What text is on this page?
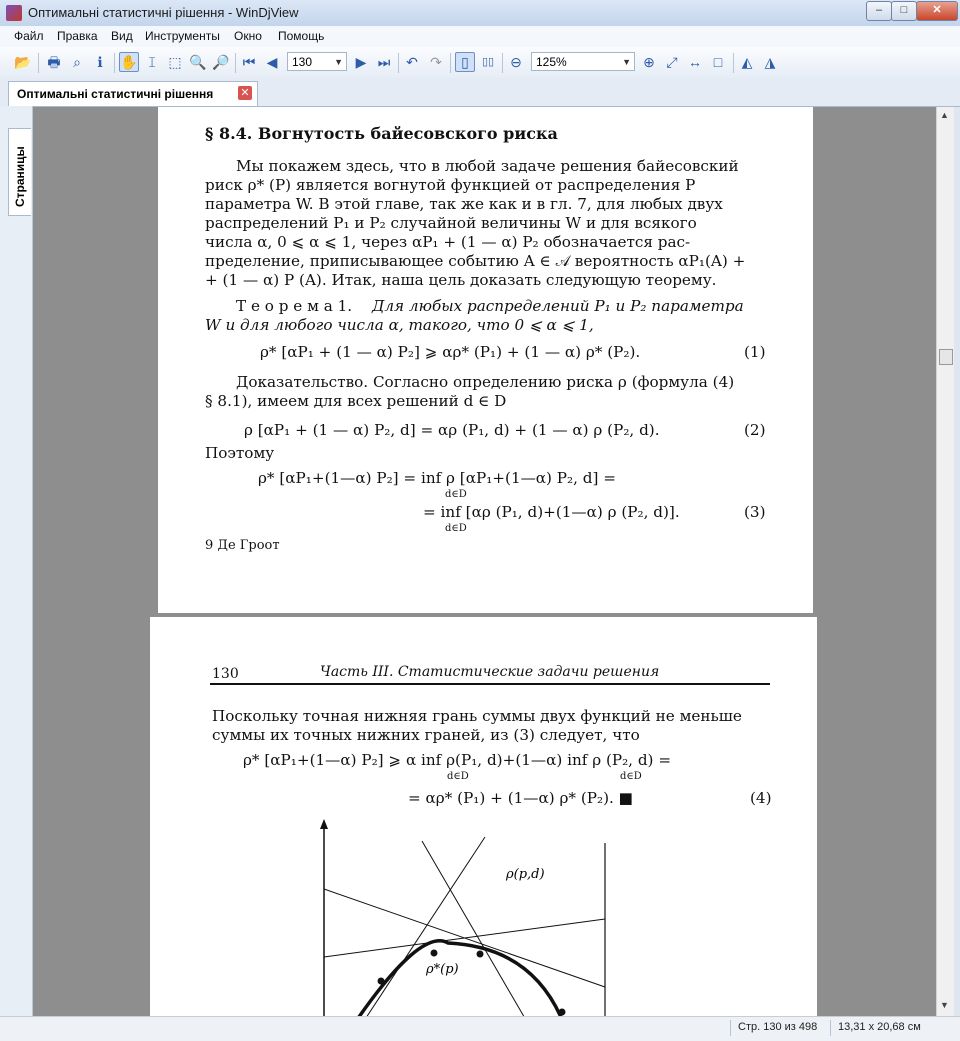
Оптимальні статистичні рішення - WinDjView	–	□	✕
Файл Правка Вид Инструменты Окно Помощь
📂 🖶 ⌕	ℹ	✋ 𝙸 ⬚ 🔍 🔎 ⏮ ◀	130 ▼ ▶ ⏭ ↶ ↷	▯	▯▯ ⊖	125%	▼ ⊕ ⤢ ↔ □	◭ ◮
Оптимальні статистичні рішення ✕
Страницы
§ 8.4. Вогнутость байесовского риска
Мы покажем здесь, что в любой задаче решения байесовский
риск ρ* (P) является вогнутой функцией от распределения P
параметра W. В этой главе, так же как и в гл. 7, для любых двух
распределений P₁ и P₂ случайной величины W и для всякого
числа α, 0 ⩽ α ⩽ 1, через αP₁ + (1 — α) P₂ обозначается рас-
пределение, приписывающее событию A ∈ 𝒜 вероятность αP₁(A) +
+ (1 — α) P (A). Итак, наша цель доказать следующую теорему.
Т е о р е м а 1. Для любых распределений P₁ и P₂ параметра
W и для любого числа α, такого, что 0 ⩽ α ⩽ 1,
ρ* [αP₁ + (1 — α) P₂] ⩾ αρ* (P₁) + (1 — α) ρ* (P₂).	(1)
Доказательство. Согласно определению риска ρ (формула (4)
§ 8.1), имеем для всех решений d ∈ D
ρ [αP₁ + (1 — α) P₂, d] = αρ (P₁, d) + (1 — α) ρ (P₂, d).	(2)
Поэтому
ρ* [αP₁+(1—α) P₂] = inf ρ [αP₁+(1—α) P₂, d] =
d∈D
= inf [αρ (P₁, d)+(1—α) ρ (P₂, d)].
d∈D
(3)
9 Де Гроот
130	Часть III. Статистические задачи решения
Поскольку точная нижняя грань суммы двух функций не меньше
суммы их точных нижних граней, из (3) следует, что
ρ* [αP₁+(1—α) P₂] ⩾ α inf ρ(P₁, d)+(1—α) inf ρ (P₂, d) =
d∈D	d∈D
= αρ* (P₁) + (1—α) ρ* (P₂). ■	(4)
ρ(p,d)
ρ*(p)
▲
▼
Стр. 130 из 498 13,31 x 20,68 см
